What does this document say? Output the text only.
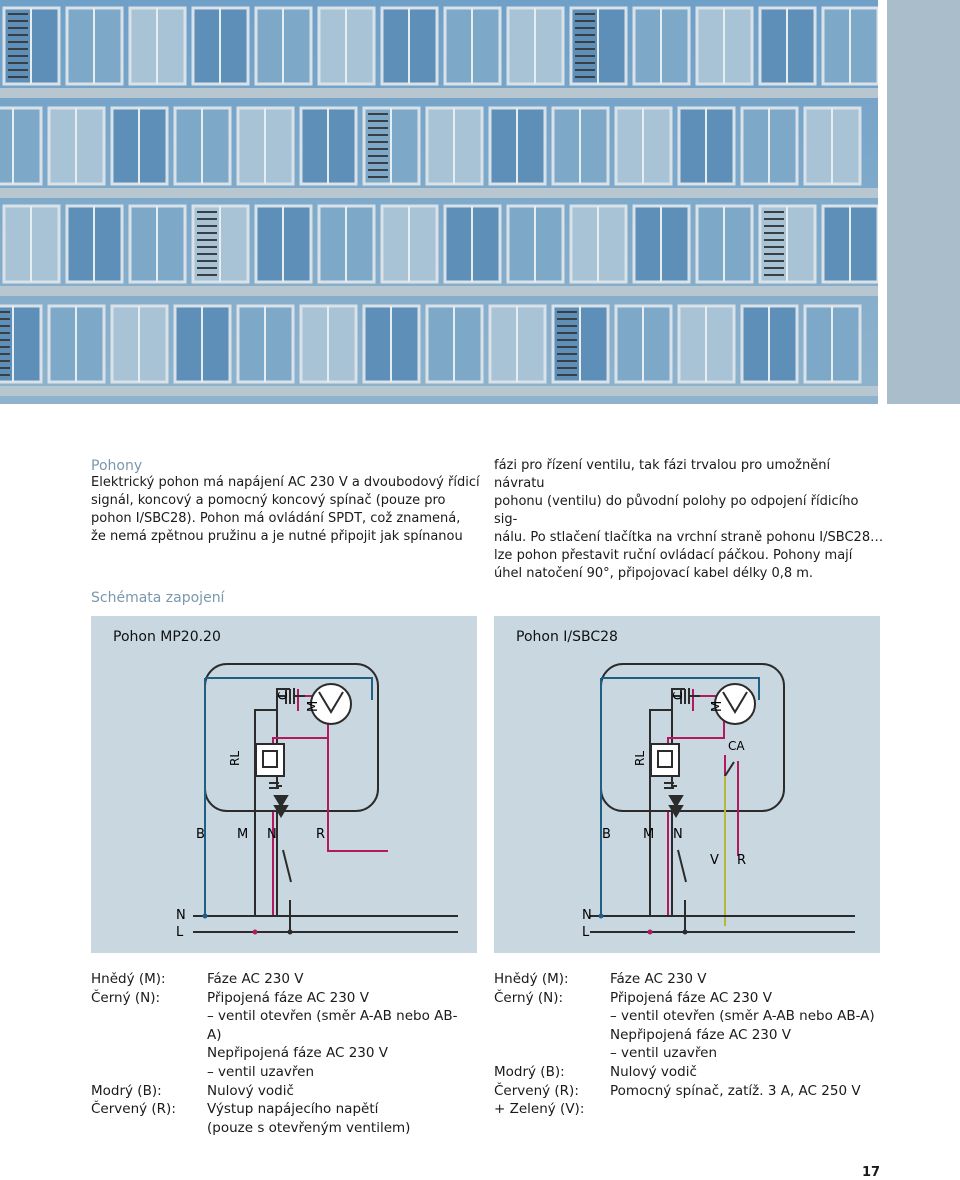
Pohony
Elektrický pohon má napájení AC 230 V a dvoubodový řídicí
signál, koncový a pomocný koncový spínač (pouze pro
pohon I/SBC28). Pohon má ovládání SPDT, což znamená,
že nemá zpětnou pružinu a je nutné připojit jak spínanou
fázi pro řízení ventilu, tak fázi trvalou pro umožnění návratu
pohonu (ventilu) do původní polohy po odpojení řídicího sig-
nálu. Po stlačení tlačítka na vrchní straně pohonu I/SBC28…
lze pohon přestavit ruční ovládací páčkou. Pohony mají
úhel natočení 90°, připojovací kabel délky 0,8 m.
Schémata zapojení
C
M
RL
B M N	R
N
L
Pohon MP20.20
C
M
RL
CA
B M N
V R
N
L
Pohon I/SBC28
Hnědý (M):	Fáze AC 230 V
Černý (N):	Připojená fáze AC 230 V
– ventil otevřen (směr A-AB nebo AB-A)
Nepřipojená fáze AC 230 V
– ventil uzavřen
Modrý (B):	Nulový vodič
Červený (R):	Výstup napájecího napětí
(pouze s otevřeným ventilem)
Hnědý (M):	Fáze AC 230 V
Černý (N):	Připojená fáze AC 230 V
– ventil otevřen (směr A-AB nebo AB-A)
Nepřipojená fáze AC 230 V
– ventil uzavřen
Modrý (B):	Nulový vodič
Červený (R):	Pomocný spínač, zatíž. 3 A, AC 250 V
+ Zelený (V):
17
